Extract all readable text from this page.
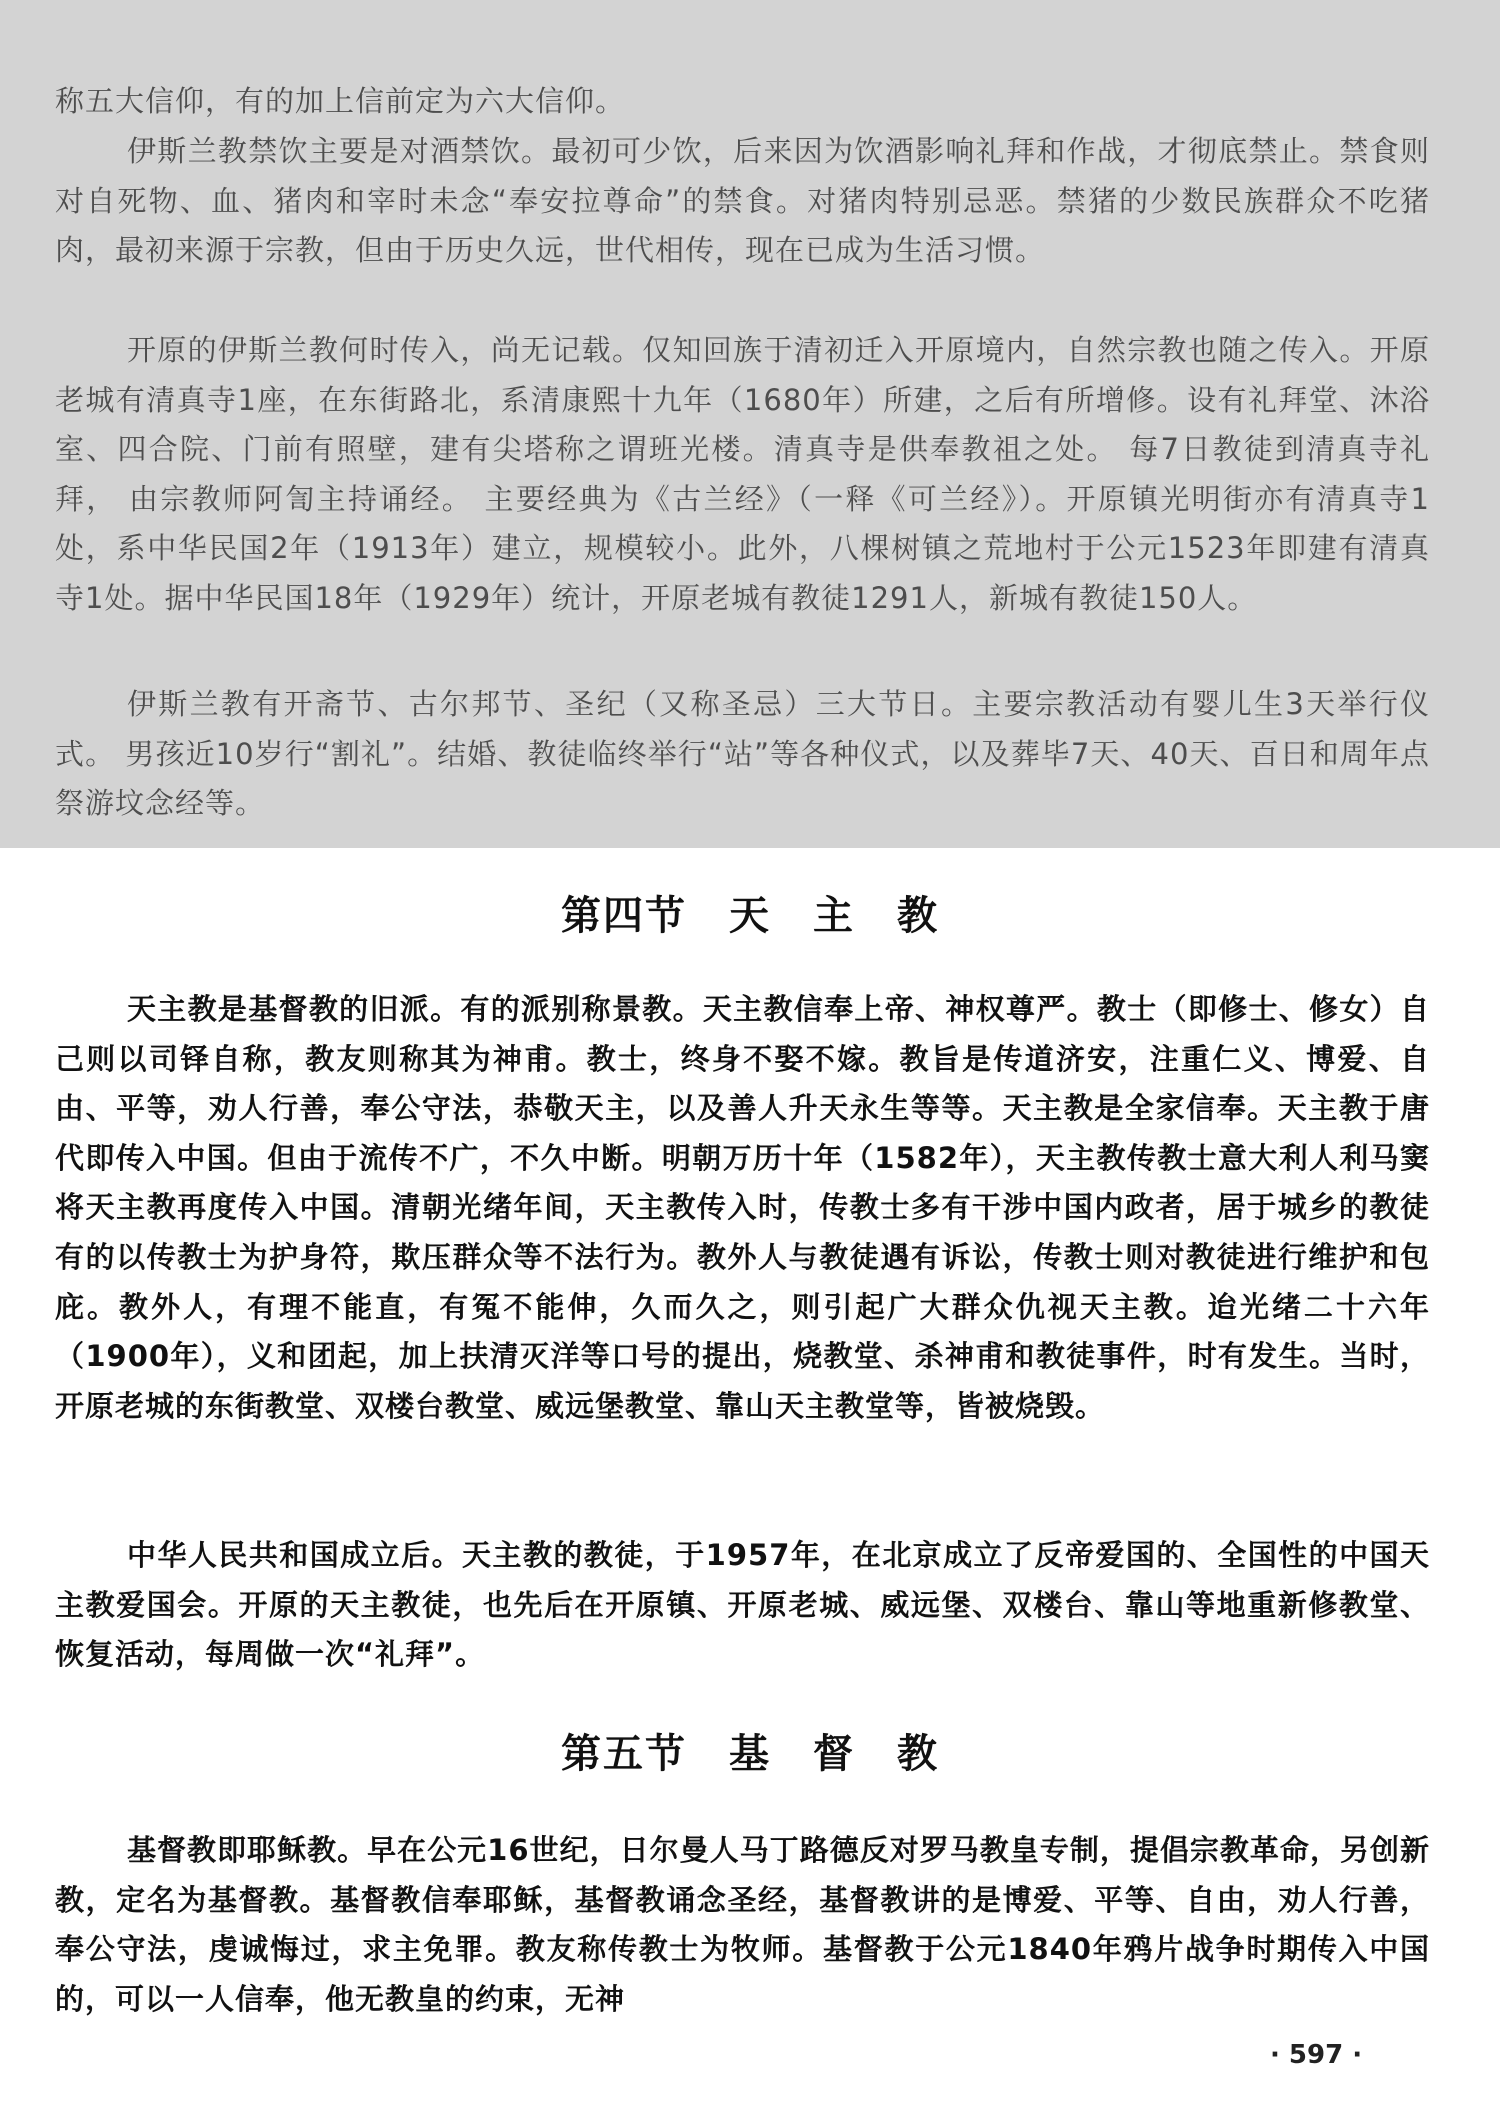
称五大信仰，有的加上信前定为六大信仰。

伊斯兰教禁饮主要是对酒禁饮。最初可少饮，后来因为饮酒影响礼拜和作战，才彻底禁止。禁食则对自死物、血、猪肉和宰时未念“奉安拉尊命”的禁食。对猪肉特别忌恶。禁猪的少数民族群众不吃猪肉，最初来源于宗教，但由于历史久远，世代相传，现在已成为生活习惯。

开原的伊斯兰教何时传入，尚无记载。仅知回族于清初迁入开原境内，自然宗教也随之传入。开原老城有清真寺1座，在东街路北，系清康熙十九年（1680年）所建，之后有所增修。设有礼拜堂、沐浴室、四合院、门前有照壁，建有尖塔称之谓班光楼。清真寺是供奉教祖之处。 每7日教徒到清真寺礼拜， 由宗教师阿訇主持诵经。 主要经典为《古兰经》（一释《可兰经》）。开原镇光明街亦有清真寺1处，系中华民国2年（1913年）建立，规模较小。此外，八棵树镇之荒地村于公元1523年即建有清真寺1处。据中华民国18年（1929年）统计，开原老城有教徒1291人，新城有教徒150人。

伊斯兰教有开斋节、古尔邦节、圣纪（又称圣忌）三大节日。主要宗教活动有婴儿生3天举行仪式。 男孩近10岁行“割礼”。结婚、教徒临终举行“站”等各种仪式，以及葬毕7天、40天、百日和周年点祭游坟念经等。

第四节　天　主　教

天主教是基督教的旧派。有的派别称景教。天主教信奉上帝、神权尊严。教士（即修士、修女）自己则以司铎自称，教友则称其为神甫。教士，终身不娶不嫁。教旨是传道济安，注重仁义、博爱、自由、平等，劝人行善，奉公守法，恭敬天主，以及善人升天永生等等。天主教是全家信奉。天主教于唐代即传入中国。但由于流传不广，不久中断。明朝万历十年（1582年），天主教传教士意大利人利马窦将天主教再度传入中国。清朝光绪年间，天主教传入时，传教士多有干涉中国内政者，居于城乡的教徒有的以传教士为护身符，欺压群众等不法行为。教外人与教徒遇有诉讼，传教士则对教徒进行维护和包庇。教外人，有理不能直，有冤不能伸，久而久之，则引起广大群众仇视天主教。迨光绪二十六年（1900年），义和团起，加上扶清灭洋等口号的提出，烧教堂、杀神甫和教徒事件，时有发生。当时，开原老城的东街教堂、双楼台教堂、威远堡教堂、靠山天主教堂等，皆被烧毁。

中华人民共和国成立后。天主教的教徒，于1957年，在北京成立了反帝爱国的、全国性的中国天主教爱国会。开原的天主教徒，也先后在开原镇、开原老城、威远堡、双楼台、靠山等地重新修教堂、恢复活动，每周做一次“礼拜”。

第五节　基　督　教

基督教即耶稣教。早在公元16世纪，日尔曼人马丁路德反对罗马教皇专制，提倡宗教革命，另创新教，定名为基督教。基督教信奉耶稣，基督教诵念圣经，基督教讲的是博爱、平等、自由，劝人行善，奉公守法，虔诚悔过，求主免罪。教友称传教士为牧师。基督教于公元1840年鸦片战争时期传入中国的，可以一人信奉，他无教皇的约束，无神

· 597 ·
